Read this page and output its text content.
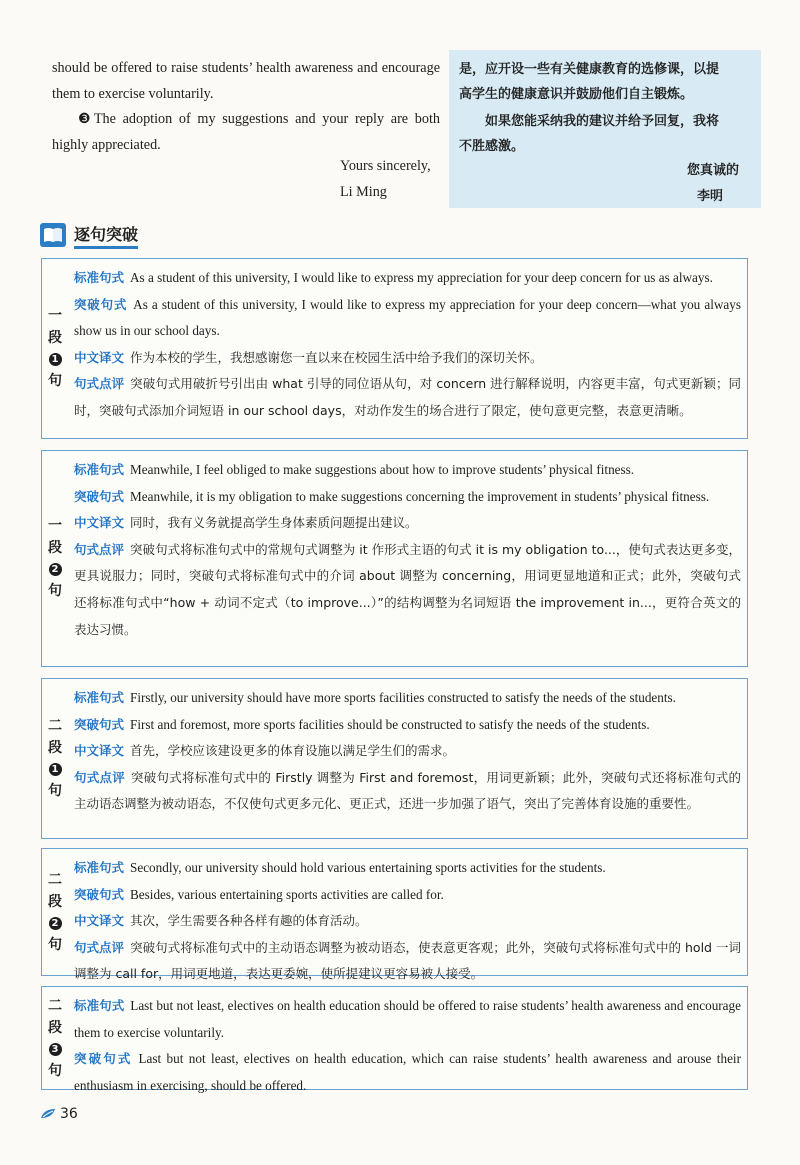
should be offered to raise students’ health awareness and encourage them to exercise voluntarily.

❸The adoption of my suggestions and your reply are both highly appreciated.

Yours sincerely,
Li Ming

是，应开设一些有关健康教育的选修课，以提

高学生的健康意识并鼓励他们自主锻炼。

如果您能采纳我的建议并给予回复，我将

不胜感激。

您真诚的

李明

逐句突破
一
段
1
句
标准句式 As a student of this university, I would like to express my appreciation for your deep concern for us as always.
突破句式 As a student of this university, I would like to express my appreciation for your deep concern—what you always show us in our school days.
中文译文 作为本校的学生，我想感谢您一直以来在校园生活中给予我们的深切关怀。
句式点评 突破句式用破折号引出由 what 引导的同位语从句，对 concern 进行解释说明，内容更丰富，句式更新颖；同时，突破句式添加介词短语 in our school days，对动作发生的场合进行了限定，使句意更完整，表意更清晰。
一
段
2
句
标准句式 Meanwhile, I feel obliged to make suggestions about how to improve students’ physical fitness.
突破句式 Meanwhile, it is my obligation to make suggestions concerning the improvement in students’ physical fitness.
中文译文 同时，我有义务就提高学生身体素质问题提出建议。
句式点评 突破句式将标准句式中的常规句式调整为 it 作形式主语的句式 it is my obligation to...，使句式表达更多变，更具说服力；同时，突破句式将标准句式中的介词 about 调整为 concerning，用词更显地道和正式；此外，突破句式还将标准句式中“how + 动词不定式（to improve...）”的结构调整为名词短语 the improvement in...，更符合英文的表达习惯。
二
段
1
句
标准句式 Firstly, our university should have more sports facilities constructed to satisfy the needs of the students.
突破句式 First and foremost, more sports facilities should be constructed to satisfy the needs of the students.
中文译文 首先，学校应该建设更多的体育设施以满足学生们的需求。
句式点评 突破句式将标准句式中的 Firstly 调整为 First and foremost，用词更新颖；此外，突破句式还将标准句式的主动语态调整为被动语态，不仅使句式更多元化、更正式，还进一步加强了语气，突出了完善体育设施的重要性。
二
段
2
句
标准句式 Secondly, our university should hold various entertaining sports activities for the students.
突破句式 Besides, various entertaining sports activities are called for.
中文译文 其次，学生需要各种各样有趣的体育活动。
句式点评 突破句式将标准句式中的主动语态调整为被动语态，使表意更客观；此外，突破句式将标准句式中的 hold 一词调整为 call for，用词更地道，表达更委婉，使所提建议更容易被人接受。
二
段
3
句
标准句式 Last but not least, electives on health education should be offered to raise students’ health awareness and encourage them to exercise voluntarily.
突破句式 Last but not least, electives on health education, which can raise students’ health awareness and arouse their enthusiasm in exercising, should be offered.
36
